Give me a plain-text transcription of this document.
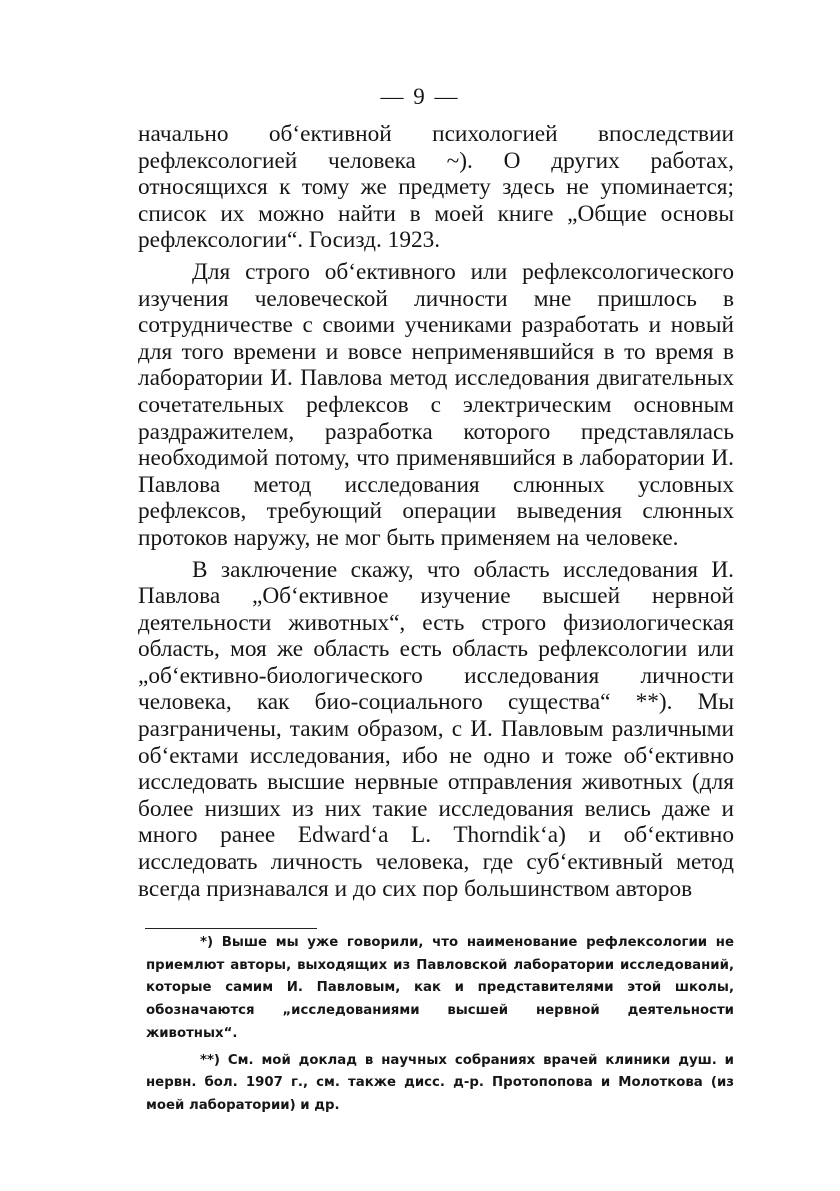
— 9 —

начально об‘ективной психологией впоследствии рефлексологией человека ~). О других работах, относящихся к тому же предмету здесь не упоминается; список их можно найти в моей книге „Общие основы рефлексологии“. Госизд. 1923.

Для строго об‘ективного или рефлексологического изучения человеческой личности мне пришлось в сотрудничестве с своими учениками разработать и новый для того времени и вовсе неприменявшийся в то время в лаборатории И. Павлова метод исследования двигательных сочетательных рефлексов с электрическим основным раздражителем, разработка которого представлялась необходимой потому, что применявшийся в лаборатории И. Павлова метод исследования слюнных условных рефлексов, требующий операции выведения слюнных протоков наружу, не мог быть применяем на человеке.

В заключение скажу, что область исследования И. Павлова „Об‘ективное изучение высшей нервной деятельности животных“, есть строго физиологическая область, моя же область есть область рефлексологии или „об‘ективно-биологического исследования личности человека, как био-социального существа“ **). Мы разграничены, таким образом, с И. Павловым различными об‘ектами исследования, ибо не одно и тоже об‘ективно исследовать высшие нервные отправления животных (для более низших из них такие исследования велись даже и много ранее Edward‘a L. Thorndik‘a) и об‘ективно исследовать личность человека, где суб‘ективный метод всегда признавался и до сих пор большинством авторов

*) Выше мы уже говорили, что наименование рефлексологии не приемлют авторы, выходящих из Павловской лаборатории исследований, которые самим И. Павловым, как и представителями этой школы, обозначаются „исследованиями высшей нервной деятельности животных“.

**) См. мой доклад в научных собраниях врачей клиники душ. и нервн. бол. 1907 г., см. также дисс. д-р. Протопопова и Молоткова (из моей лаборатории) и др.
